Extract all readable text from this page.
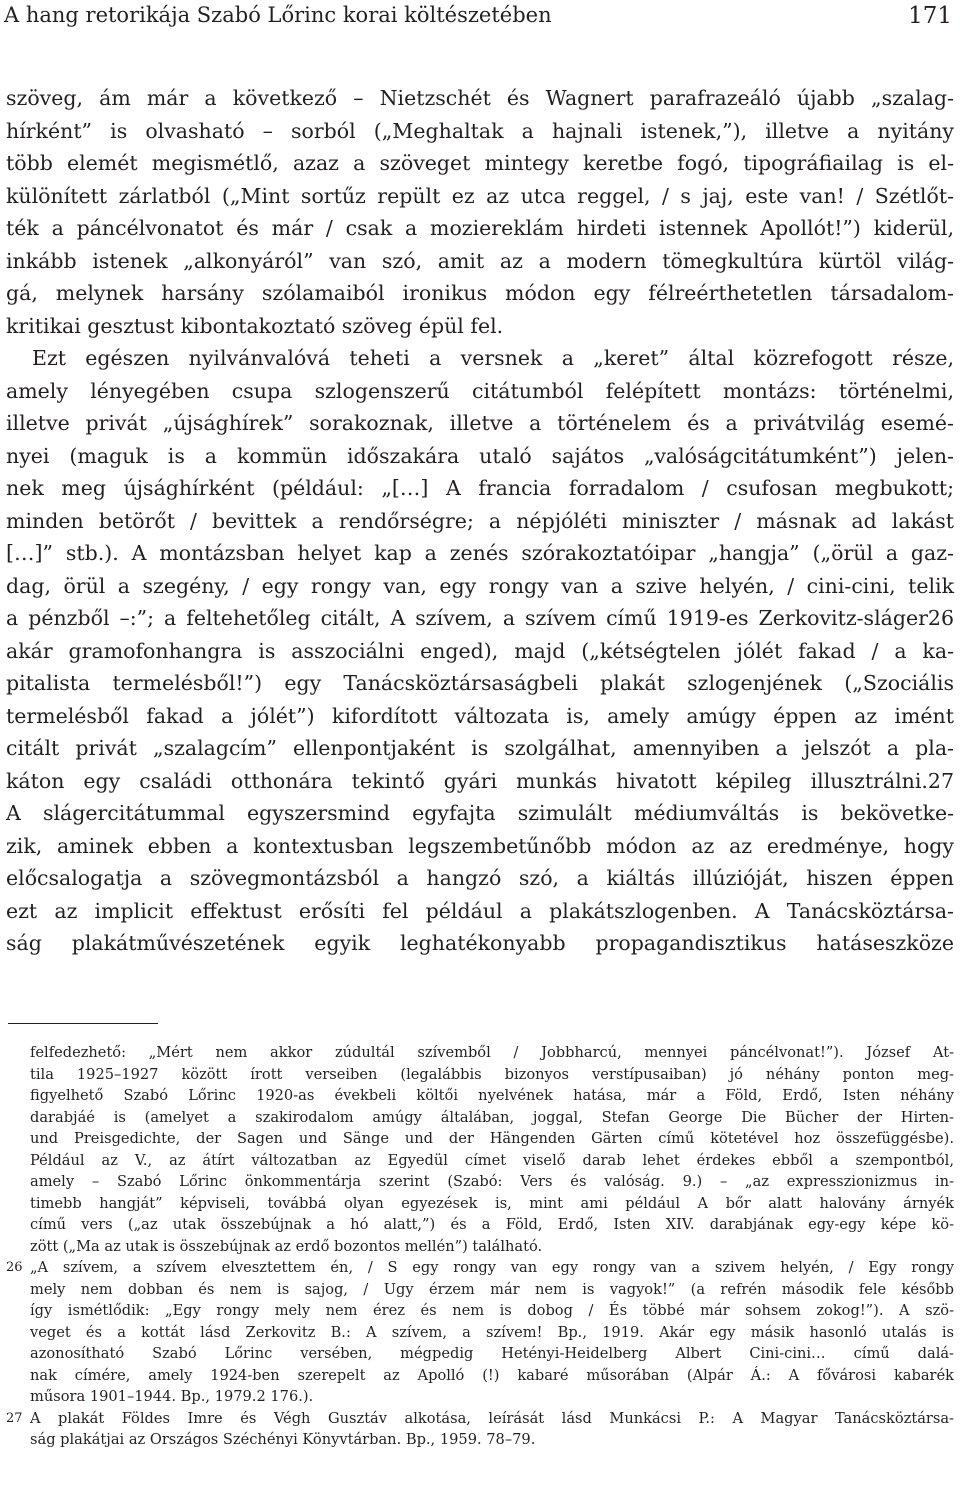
A hang retorikája Szabó Lőrinc korai költészetében	171
szöveg, ám már a következő – Nietzschét és Wagnert parafrazeáló újabb „szalag-
hírként” is olvasható – sorból („Meghaltak a hajnali istenek,”), illetve a nyitány
több elemét megismétlő, azaz a szöveget mintegy keretbe fogó, tipográfiailag is el-
különített zárlatból („Mint sortűz repült ez az utca reggel, / s jaj, este van! / Szétlőt-
ték a páncélvonatot és már / csak a moziereklám hirdeti istennek Apollót!”) kiderül,
inkább istenek „alkonyáról” van szó, amit az a modern tömegkultúra kürtöl világ-
gá, melynek harsány szólamaiból ironikus módon egy félreérthetetlen társadalom-
kritikai gesztust kibontakoztató szöveg épül fel.
Ezt egészen nyilvánvalóvá teheti a versnek a „keret” által közrefogott része,
amely lényegében csupa szlogenszerű citátumból felépített montázs: történelmi,
illetve privát „újsághírek” sorakoznak, illetve a történelem és a privátvilág esemé-
nyei (maguk is a kommün időszakára utaló sajátos „valóságcitátumként”) jelen-
nek meg újsághírként (például: „[…] A francia forradalom / csufosan megbukott;
minden betörőt / bevittek a rendőrségre; a népjóléti miniszter / másnak ad lakást
[…]” stb.). A montázsban helyet kap a zenés szórakoztatóipar „hangja” („örül a gaz-
dag, örül a szegény, / egy rongy van, egy rongy van a szive helyén, / cini-cini, telik
a pénzből –:”; a feltehetőleg citált, A szívem, a szívem című 1919-es Zerkovitz-sláger26
akár gramofonhangra is asszociálni enged), majd („kétségtelen jólét fakad / a ka-
pitalista termelésből!”) egy Tanácsköztársaságbeli plakát szlogenjének („Szociális
termelésből fakad a jólét”) kifordított változata is, amely amúgy éppen az imént
citált privát „szalagcím” ellenpontjaként is szolgálhat, amennyiben a jelszót a pla-
káton egy családi otthonára tekintő gyári munkás hivatott képileg illusztrálni.27
A slágercitátummal egyszersmind egyfajta szimulált médiumváltás is bekövetke-
zik, aminek ebben a kontextusban legszembetűnőbb módon az az eredménye, hogy
előcsalogatja a szövegmontázsból a hangzó szó, a kiáltás illúzióját, hiszen éppen
ezt az implicit effektust erősíti fel például a plakátszlogenben. A Tanácsköztársa-
ság plakátművészetének egyik leghatékonyabb propagandisztikus hatáseszköze
felfedezhető: „Mért nem akkor zúdultál szívemből / Jobbharcú, mennyei páncélvonat!”). József At-
tila 1925–1927 között írott verseiben (legalábbis bizonyos verstípusaiban) jó néhány ponton meg-
figyelhető Szabó Lőrinc 1920-as évekbeli költői nyelvének hatása, már a Föld, Erdő, Isten néhány
darabjáé is (amelyet a szakirodalom amúgy általában, joggal, Stefan George Die Bücher der Hirten-
und Preisgedichte, der Sagen und Sänge und der Hängenden Gärten című kötetével hoz összefüggésbe).
Például az V., az átírt változatban az Egyedül címet viselő darab lehet érdekes ebből a szempontból,
amely – Szabó Lőrinc önkommentárja szerint (Szabó: Vers és valóság. 9.) – „az expresszionizmus in-
timebb hangját” képviseli, továbbá olyan egyezések is, mint ami például A bőr alatt halovány árnyék
című vers („az utak összebújnak a hó alatt,”) és a Föld, Erdő, Isten XIV. darabjának egy-egy képe kö-
zött („Ma az utak is összebújnak az erdő bozontos mellén”) található.
26 „A szívem, a szívem elvesztettem én, / S egy rongy van egy rongy van a szivem helyén, / Egy rongy
mely nem dobban és nem is sajog, / Ugy érzem már nem is vagyok!” (a refrén második fele később
így ismétlődik: „Egy rongy mely nem érez és nem is dobog / És többé már sohsem zokog!”). A szö-
veget és a kottát lásd Zerkovitz B.: A szívem, a szívem! Bp., 1919. Akár egy másik hasonló utalás is
azonosítható Szabó Lőrinc versében, mégpedig Hetényi-Heidelberg Albert Cini-cini… című dalá-
nak címére, amely 1924-ben szerepelt az Apolló (!) kabaré műsorában (Alpár Á.: A fővárosi kabarék
műsora 1901–1944. Bp., 1979.2 176.).
27 A plakát Földes Imre és Végh Gusztáv alkotása, leírását lásd Munkácsi P.: A Magyar Tanácsköztársa-
ság plakátjai az Országos Széchényi Könyvtárban. Bp., 1959. 78–79.
